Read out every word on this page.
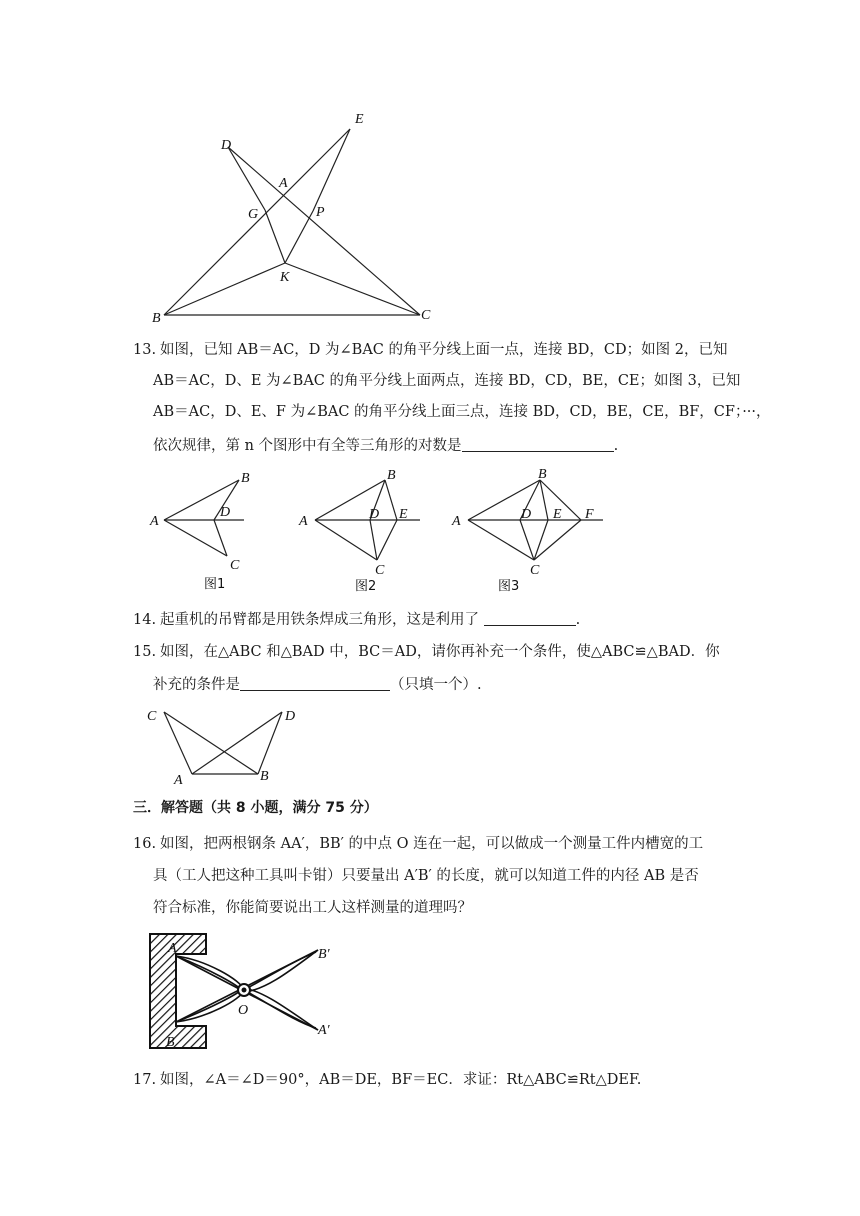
D
E
A
G	P
K
B	C
13. 如图，已知 AB＝AC，D 为∠BAC 的角平分线上面一点，连接 BD，CD；如图 2，已知
AB＝AC，D、E 为∠BAC 的角平分线上面两点，连接 BD，CD，BE，CE；如图 3，已知
AB＝AC，D、E、F 为∠BAC 的角平分线上面三点，连接 BD，CD，BE，CE，BF，CF；···，
依次规律，第 n 个图形中有全等三角形的对数是	.
A
B
D
C
图1
A
B
D E
C
图2
A
B
D E F
C
图3
14. 起重机的吊臂都是用铁条焊成三角形，这是利用了	.
15. 如图，在△ABC 和△BAD 中，BC＝AD，请你再补充一个条件，使△ABC≌△BAD．你
补充的条件是	（只填一个）.
C	D
A	B
三．解答题（共 8 小题，满分 75 分）
16. 如图，把两根钢条 AA′，BB′ 的中点 O 连在一起，可以做成一个测量工件内槽宽的工
具（工人把这种工具叫卡钳）只要量出 A′B′ 的长度，就可以知道工件的内径 AB 是否
符合标准，你能简要说出工人这样测量的道理吗？
A	B′
O
B
A′
17. 如图，∠A＝∠D＝90°，AB＝DE，BF＝EC．求证：Rt△ABC≌Rt△DEF.
